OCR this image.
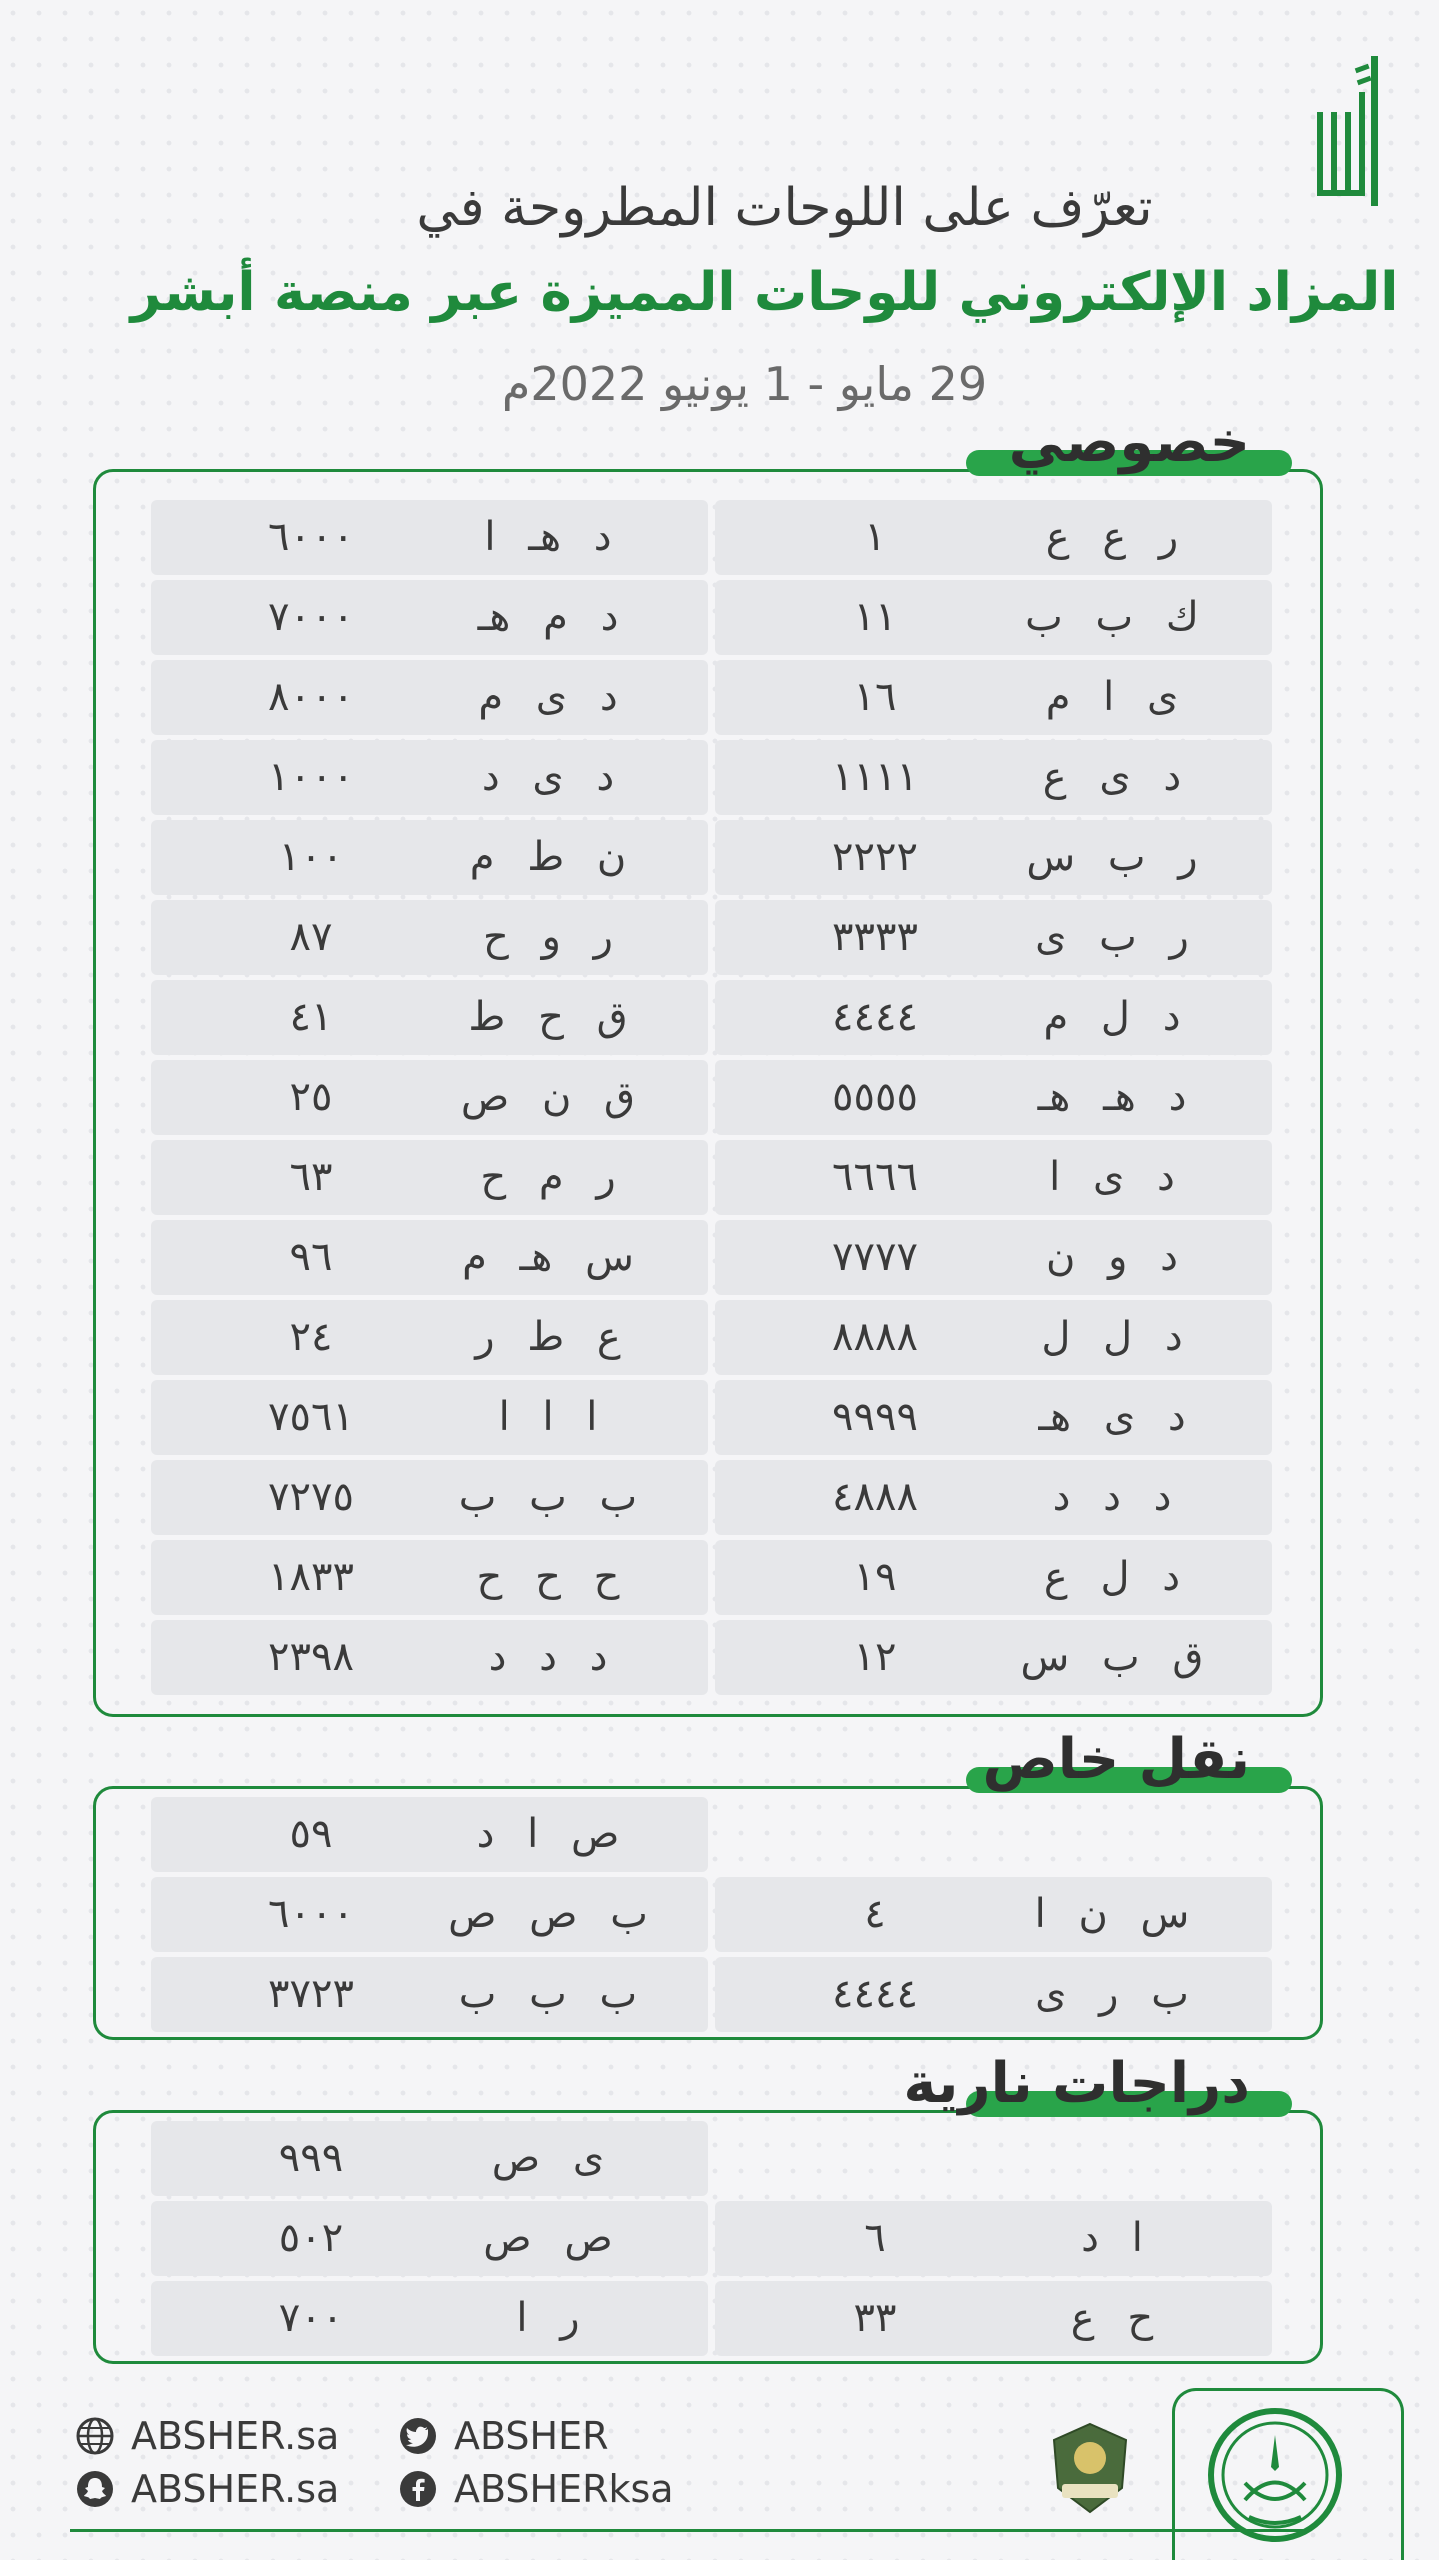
تعرّف على اللوحات المطروحة في
المزاد الإلكتروني للوحات المميزة عبر منصة أبشر
29 مايو - 1 يونيو 2022م
خصوصي
ر ع ع
١
د هـ ا
٦٠٠٠
ك ب ب
١١
د م هـ
٧٠٠٠
ى ا م
١٦
د ى م
٨٠٠٠
د ى ع
١١١١
د ى د
١٠٠٠
ر ب س
٢٢٢٢
ن ط م
١٠٠
ر ب ى
٣٣٣٣
ر و ح
٨٧
د ل م
٤٤٤٤
ق ح ط
٤١
د هـ هـ
٥٥٥٥
ق ن ص
٢٥
د ى ا
٦٦٦٦
ر م ح
٦٣
د و ن
٧٧٧٧
س هـ م
٩٦
د ل ل
٨٨٨٨
ع ط ر
٢٤
د ى هـ
٩٩٩٩
ا ا ا
٧٥٦١
د د د
٤٨٨٨
ب ب ب
٧٢٧٥
د ل ع
١٩
ح ح ح
١٨٣٣
ق ب س
١٢
د د د
٢٣٩٨
نقل خاص
ص ا د
٥٩
س ن ا
٤
ب ص ص
٦٠٠٠
ب ر ى
٤٤٤٤
ب ب ب
٣٧٢٣
دراجات نارية
ى ص
٩٩٩
ا د
٦
ص ص
٥٠٢
ح ع
٣٣
ر ا
٧٠٠
ABSHER.sa
ABSHER.sa
ABSHER
ABSHERksa
